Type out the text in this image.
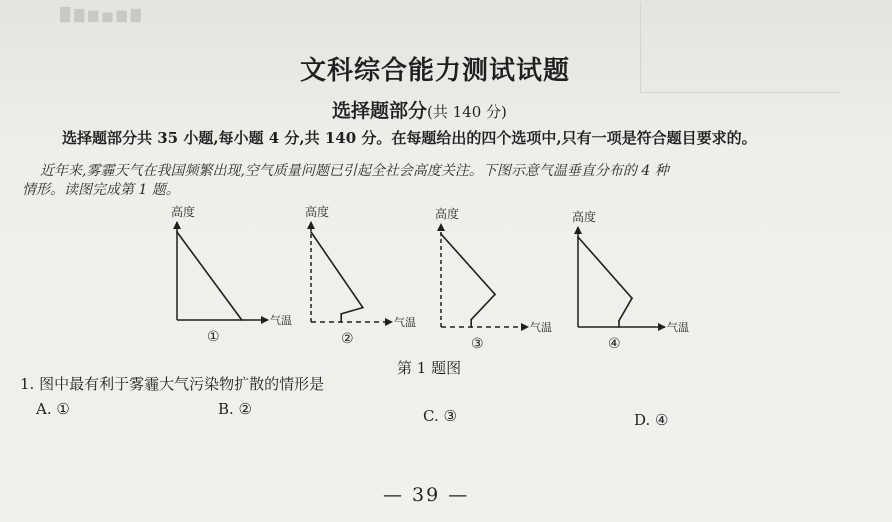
█ ▇ ▆ ▅ ▆ ▇
文科综合能力测试试题
选择题部分(共 140 分)
选择题部分共 35 小题,每小题 4 分,共 140 分。在每题给出的四个选项中,只有一项是符合题目要求的。
近年来,雾霾天气在我国频繁出现,空气质量问题已引起全社会高度关注。下图示意气温垂直分布的 4 种
情形。读图完成第 1 题。
高度
气温
①
高度
气温
②
高度
气温
③
高度
气温
④
第 1 题图
1. 图中最有利于雾霾大气污染物扩散的情形是
A. ①	B. ②	C. ③	D. ④
— 39 —
